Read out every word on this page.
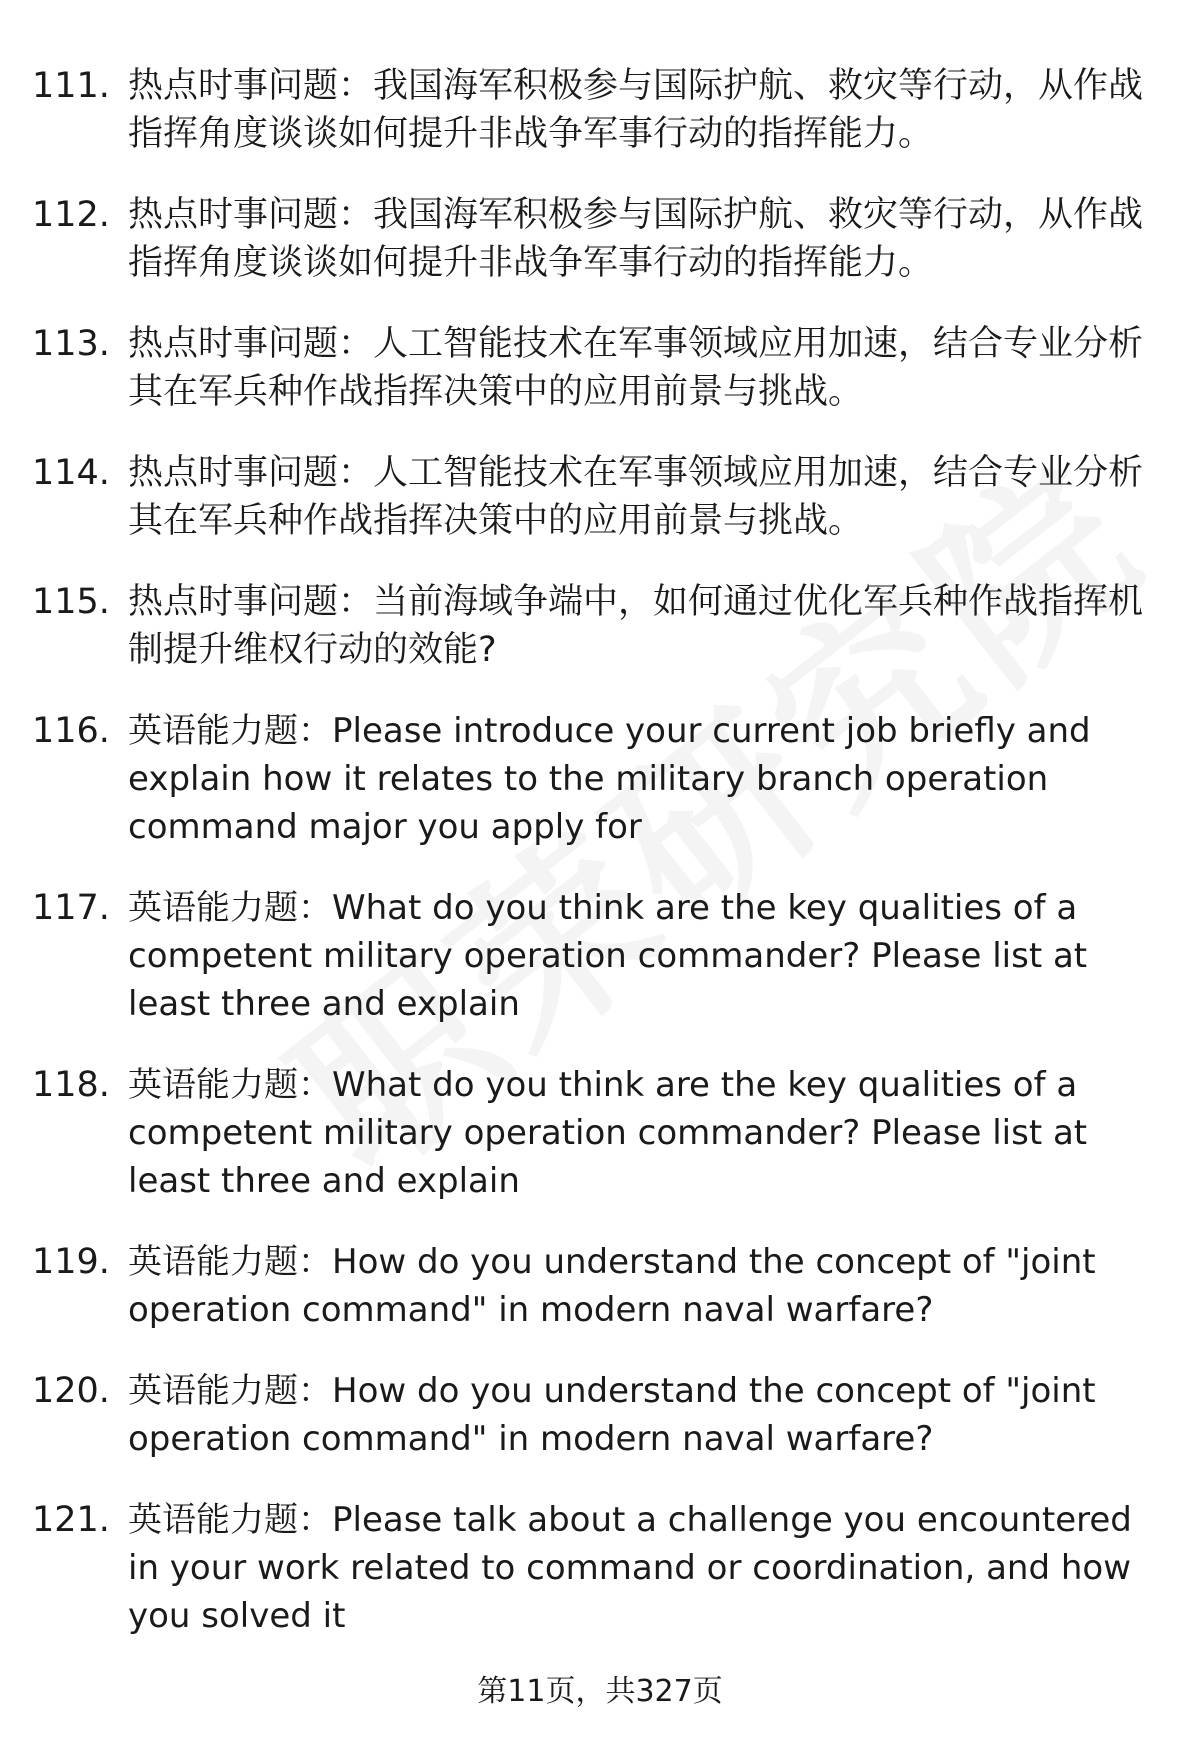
111. 热点时事问题：我国海军积极参与国际护航、救灾等行动，从作战指挥角度谈谈如何提升非战争军事行动的指挥能力。
112. 热点时事问题：我国海军积极参与国际护航、救灾等行动，从作战指挥角度谈谈如何提升非战争军事行动的指挥能力。
113. 热点时事问题：人工智能技术在军事领域应用加速，结合专业分析其在军兵种作战指挥决策中的应用前景与挑战。
114. 热点时事问题：人工智能技术在军事领域应用加速，结合专业分析其在军兵种作战指挥决策中的应用前景与挑战。
115. 热点时事问题：当前海域争端中，如何通过优化军兵种作战指挥机制提升维权行动的效能?
116. 英语能力题：Please introduce your current job briefly and explain how it relates to the military branch operation command major you apply for
117. 英语能力题：What do you think are the key qualities of a competent military operation commander? Please list at least three and explain
118. 英语能力题：What do you think are the key qualities of a competent military operation commander? Please list at least three and explain
119. 英语能力题：How do you understand the concept of "joint operation command" in modern naval warfare?
120. 英语能力题：How do you understand the concept of "joint operation command" in modern naval warfare?
121. 英语能力题：Please talk about a challenge you encountered in your work related to command or coordination, and how you solved it
第11页，共327页
